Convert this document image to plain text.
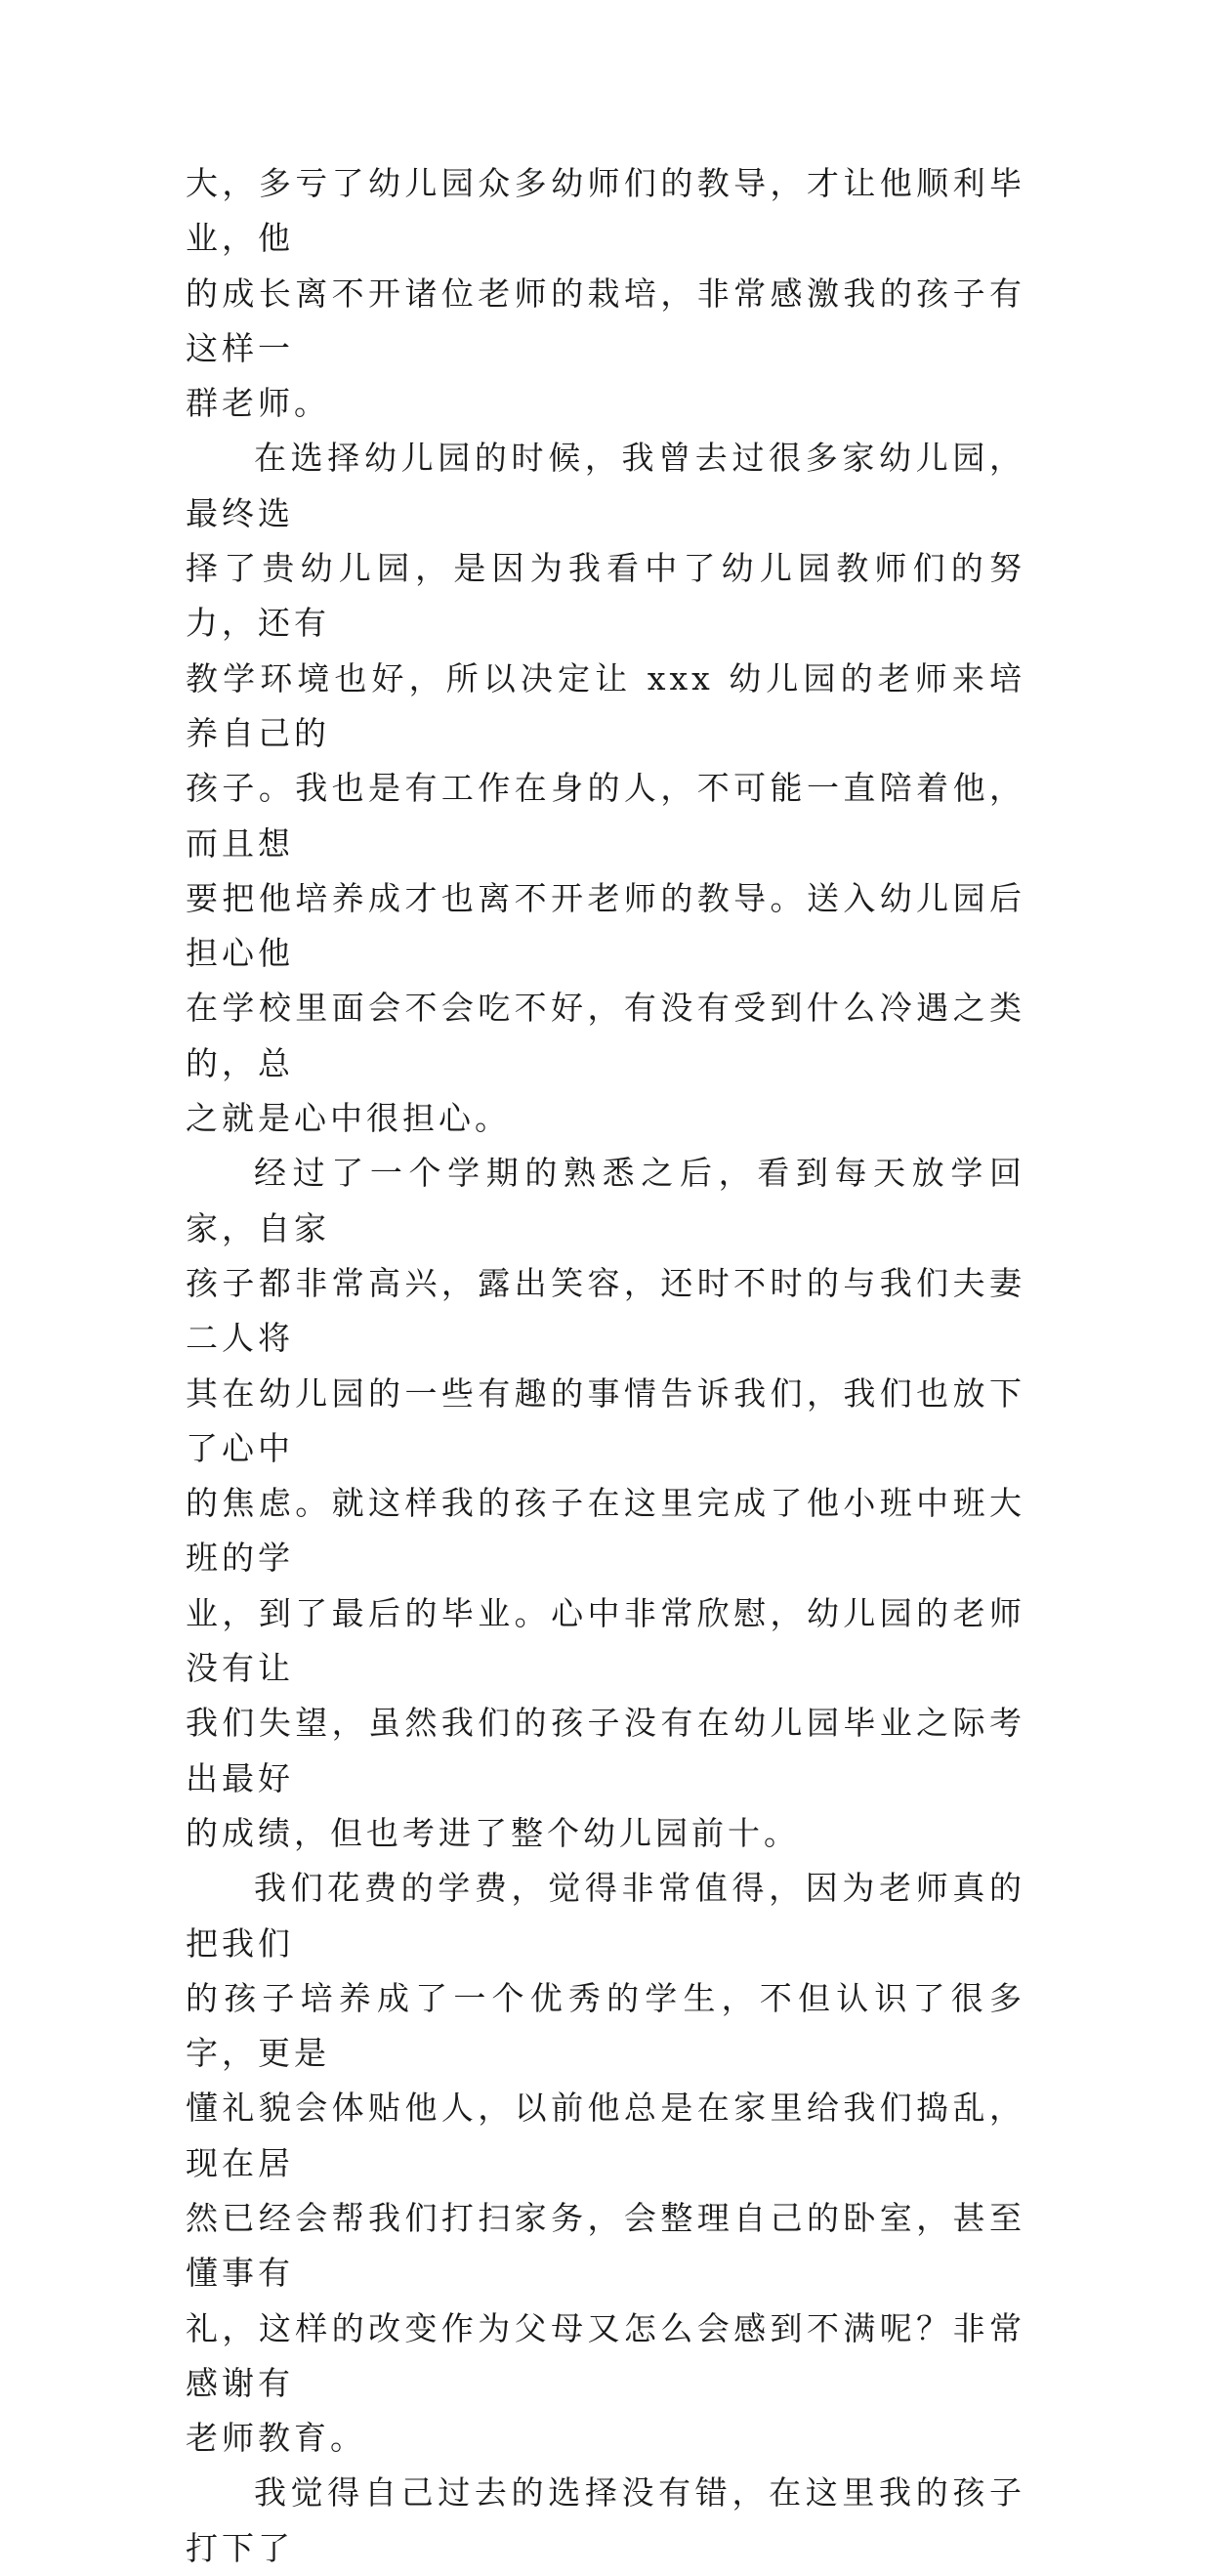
大，多亏了幼儿园众多幼师们的教导，才让他顺利毕业，他
的成长离不开诸位老师的栽培，非常感激我的孩子有这样一
群老师。

在选择幼儿园的时候，我曾去过很多家幼儿园，最终选
择了贵幼儿园，是因为我看中了幼儿园教师们的努力，还有
教学环境也好，所以决定让 xxx 幼儿园的老师来培养自己的
孩子。我也是有工作在身的人，不可能一直陪着他，而且想
要把他培养成才也离不开老师的教导。送入幼儿园后担心他
在学校里面会不会吃不好，有没有受到什么冷遇之类的，总
之就是心中很担心。

经过了一个学期的熟悉之后，看到每天放学回家，自家
孩子都非常高兴，露出笑容，还时不时的与我们夫妻二人将
其在幼儿园的一些有趣的事情告诉我们，我们也放下了心中
的焦虑。就这样我的孩子在这里完成了他小班中班大班的学
业，到了最后的毕业。心中非常欣慰，幼儿园的老师没有让
我们失望，虽然我们的孩子没有在幼儿园毕业之际考出最好
的成绩，但也考进了整个幼儿园前十。

我们花费的学费，觉得非常值得，因为老师真的把我们
的孩子培养成了一个优秀的学生，不但认识了很多字，更是
懂礼貌会体贴他人，以前他总是在家里给我们捣乱，现在居
然已经会帮我们打扫家务，会整理自己的卧室，甚至懂事有
礼，这样的改变作为父母又怎么会感到不满呢？非常感谢有
老师教育。

我觉得自己过去的选择没有错，在这里我的孩子打下了
